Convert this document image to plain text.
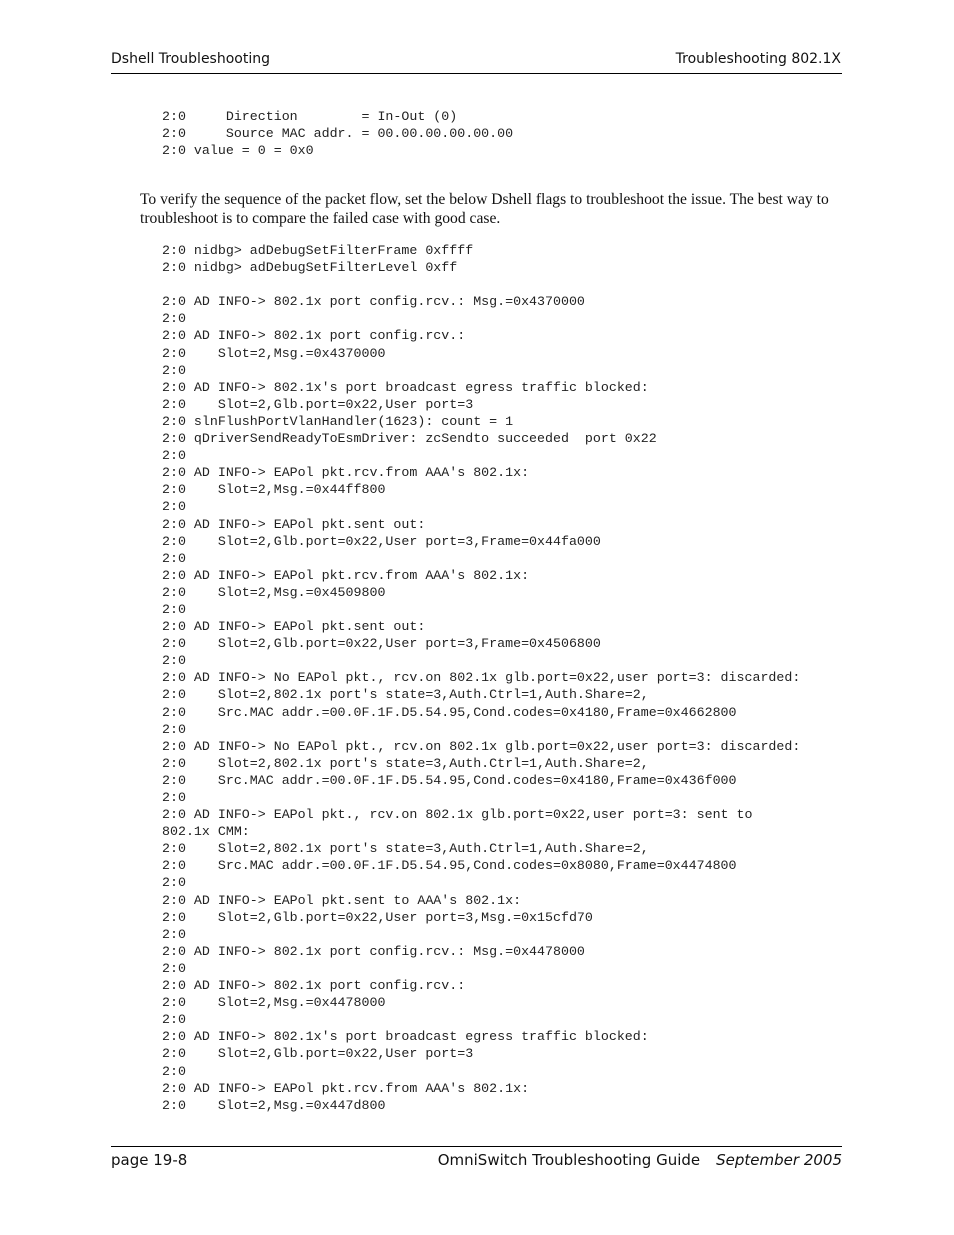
Dshell Troubleshooting	Troubleshooting 802.1X
2:0     Direction        = In-Out (0)
2:0     Source MAC addr. = 00.00.00.00.00.00
2:0 value = 0 = 0x0

To verify the sequence of the packet flow, set the below Dshell flags to troubleshoot the issue. The best way to troubleshoot is to compare the failed case with good case.

2:0 nidbg> adDebugSetFilterFrame 0xffff
2:0 nidbg> adDebugSetFilterLevel 0xff

2:0 AD INFO-> 802.1x port config.rcv.: Msg.=0x4370000
2:0
2:0 AD INFO-> 802.1x port config.rcv.:
2:0    Slot=2,Msg.=0x4370000
2:0
2:0 AD INFO-> 802.1x's port broadcast egress traffic blocked:
2:0    Slot=2,Glb.port=0x22,User port=3
2:0 slnFlushPortVlanHandler(1623): count = 1
2:0 qDriverSendReadyToEsmDriver: zcSendto succeeded  port 0x22
2:0
2:0 AD INFO-> EAPol pkt.rcv.from AAA's 802.1x:
2:0    Slot=2,Msg.=0x44ff800
2:0
2:0 AD INFO-> EAPol pkt.sent out:
2:0    Slot=2,Glb.port=0x22,User port=3,Frame=0x44fa000
2:0
2:0 AD INFO-> EAPol pkt.rcv.from AAA's 802.1x:
2:0    Slot=2,Msg.=0x4509800
2:0
2:0 AD INFO-> EAPol pkt.sent out:
2:0    Slot=2,Glb.port=0x22,User port=3,Frame=0x4506800
2:0
2:0 AD INFO-> No EAPol pkt., rcv.on 802.1x glb.port=0x22,user port=3: discarded:
2:0    Slot=2,802.1x port's state=3,Auth.Ctrl=1,Auth.Share=2,
2:0    Src.MAC addr.=00.0F.1F.D5.54.95,Cond.codes=0x4180,Frame=0x4662800
2:0
2:0 AD INFO-> No EAPol pkt., rcv.on 802.1x glb.port=0x22,user port=3: discarded:
2:0    Slot=2,802.1x port's state=3,Auth.Ctrl=1,Auth.Share=2,
2:0    Src.MAC addr.=00.0F.1F.D5.54.95,Cond.codes=0x4180,Frame=0x436f000
2:0
2:0 AD INFO-> EAPol pkt., rcv.on 802.1x glb.port=0x22,user port=3: sent to
802.1x CMM:
2:0    Slot=2,802.1x port's state=3,Auth.Ctrl=1,Auth.Share=2,
2:0    Src.MAC addr.=00.0F.1F.D5.54.95,Cond.codes=0x8080,Frame=0x4474800
2:0
2:0 AD INFO-> EAPol pkt.sent to AAA's 802.1x:
2:0    Slot=2,Glb.port=0x22,User port=3,Msg.=0x15cfd70
2:0
2:0 AD INFO-> 802.1x port config.rcv.: Msg.=0x4478000
2:0
2:0 AD INFO-> 802.1x port config.rcv.:
2:0    Slot=2,Msg.=0x4478000
2:0
2:0 AD INFO-> 802.1x's port broadcast egress traffic blocked:
2:0    Slot=2,Glb.port=0x22,User port=3
2:0
2:0 AD INFO-> EAPol pkt.rcv.from AAA's 802.1x:
2:0    Slot=2,Msg.=0x447d800
page 19-8	OmniSwitch Troubleshooting Guide September 2005
